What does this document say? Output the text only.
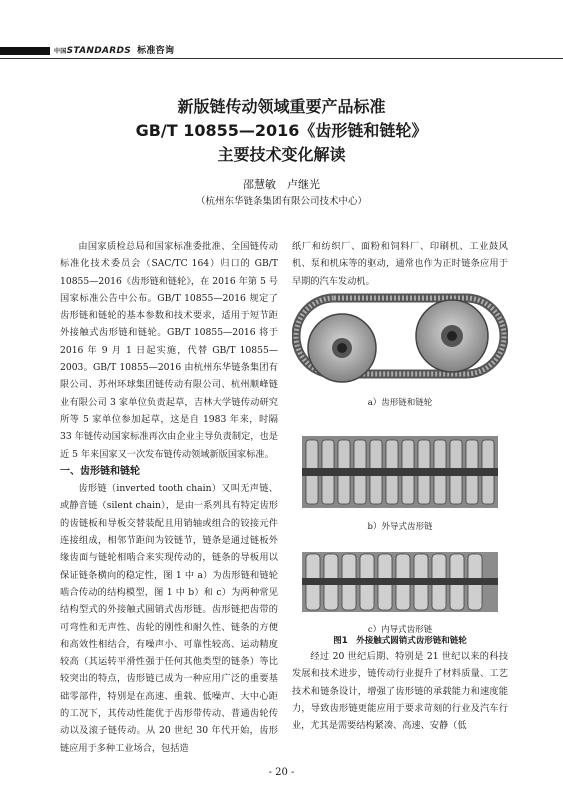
中国STANDARDS 标准咨询
新版链传动领域重要产品标准
GB/T 10855—2016《齿形链和链轮》
主要技术变化解读
邵慧敏　卢继光
（杭州东华链条集团有限公司技术中心）

由国家质检总局和国家标准委批准、全国链传动标准化技术委员会（SAC/TC 164）归口的 GB/T 10855—2016《齿形链和链轮》，在 2016 年第 5 号国家标准公告中公布。GB/T 10855—2016 规定了齿形链和链轮的基本参数和技术要求，适用于短节距外接触式齿形链和链轮。GB/T 10855—2016 将于 2016 年 9 月 1 日起实施，代替 GB/T 10855—2003。GB/T 10855—2016 由杭州东华链条集团有限公司、苏州环球集团链传动有限公司、杭州顺峰链业有限公司 3 家单位负责起草，吉林大学链传动研究所等 5 家单位参加起草，这是自 1983 年来，时隔 33 年链传动国家标准再次由企业主导负责制定，也是近 5 年来国家又一次发布链传动领域新版国家标准。

一、齿形链和链轮

齿形链（inverted tooth chain）又叫无声链、或静音链（silent chain），是由一系列具有特定齿形的齿链板和导板交替装配且用销轴或组合的铰接元件连接组成，相邻节距间为铰链节，链条是通过链板外缘齿面与链轮相啮合来实现传动的，链条的导板用以保证链条横向的稳定性，图 1 中 a）为齿形链和链轮啮合传动的结构模型，图 1 中 b）和 c）为两种常见结构型式的外接触式圆销式齿形链。齿形链把齿带的可弯性和无声性、齿轮的刚性和耐久性、链条的方便和高效性相结合，有噪声小、可靠性较高、运动精度较高（其运转平滑性强于任何其他类型的链条）等比较突出的特点，齿形链已成为一种应用广泛的重要基础零部件，特别是在高速、重载、低噪声、大中心距的工况下，其传动性能优于齿形带传动、普通齿轮传动以及滚子链传动。从 20 世纪 30 年代开始，齿形链应用于多种工业场合，包括造

纸厂和纺织厂、面粉和饲料厂、印刷机、工业鼓风机、泵和机床等的驱动，通常也作为正时链条应用于早期的汽车发动机。

a）齿形链和链轮
b）外导式齿形链
c）内导式齿形链
图1　外接触式圆销式齿形链和链轮

经过 20 世纪后期、特别是 21 世纪以来的科技发展和技术进步，链传动行业提升了材料质量、工艺技术和链条设计，增强了齿形链的承载能力和速度能力，导致齿形链更能应用于要求苛刻的行业及汽车行业，尤其是需要结构紧凑、高速、安静（低

- 20 -
